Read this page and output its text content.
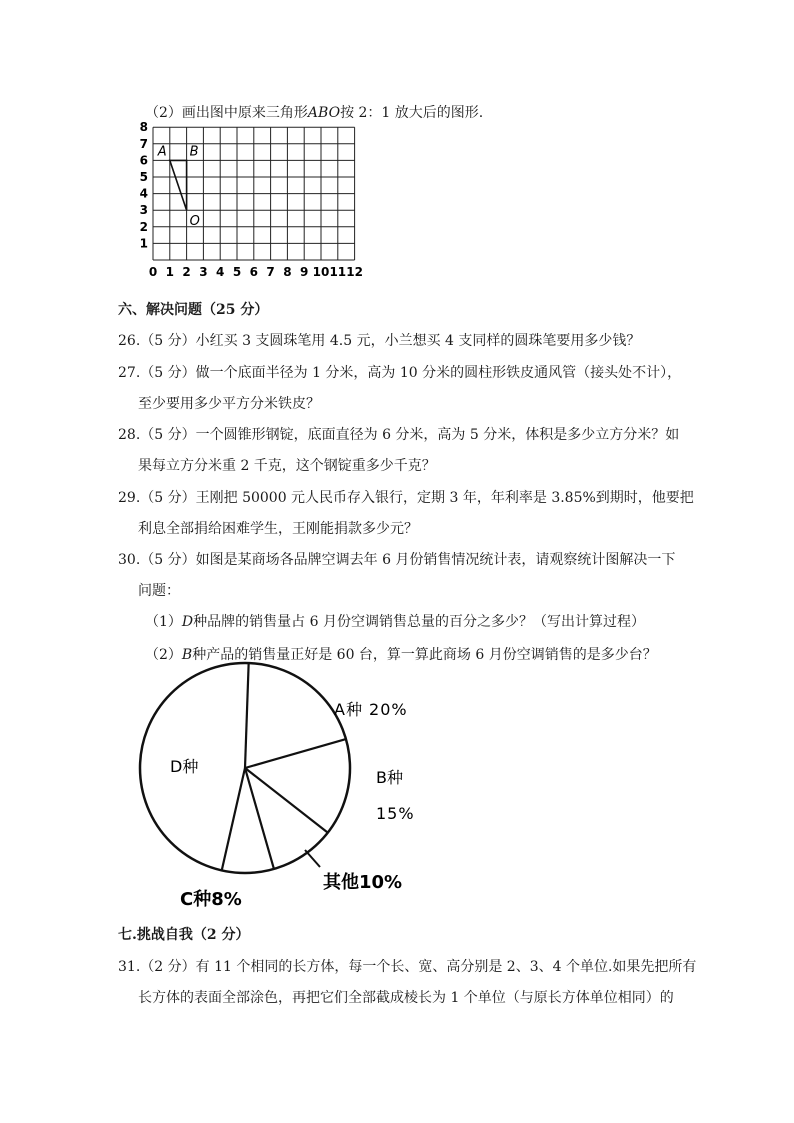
（2）画出图中原来三角形ABO按 2：1 放大后的图形.
0 1 2 3 4 5 6 7 8 9 10 11 12
1
2
3
4
5
6
7
8
A B
O
六、解决问题（25 分）
26.（5 分）小红买 3 支圆珠笔用 4.5 元，小兰想买 4 支同样的圆珠笔要用多少钱？
27.（5 分）做一个底面半径为 1 分米，高为 10 分米的圆柱形铁皮通风管（接头处不计），
至少要用多少平方分米铁皮？
28.（5 分）一个圆锥形钢锭，底面直径为 6 分米，高为 5 分米，体积是多少立方分米？如
果每立方分米重 2 千克，这个钢锭重多少千克？
29.（5 分）王刚把 50000 元人民币存入银行，定期 3 年，年利率是 3.85%到期时，他要把
利息全部捐给困难学生，王刚能捐款多少元？
30.（5 分）如图是某商场各品牌空调去年 6 月份销售情况统计表，请观察统计图解决一下
问题：
（1）D种品牌的销售量占 6 月份空调销售总量的百分之多少？（写出计算过程）
（2）B种产品的销售量正好是 60 台，算一算此商场 6 月份空调销售的是多少台？
A种 20%
B种
15%
其他10%
C种8%
D种
七.挑战自我（2 分）
31.（2 分）有 11 个相同的长方体，每一个长、宽、高分别是 2、3、4 个单位.如果先把所有
长方体的表面全部涂色，再把它们全部截成棱长为 1 个单位（与原长方体单位相同）的
